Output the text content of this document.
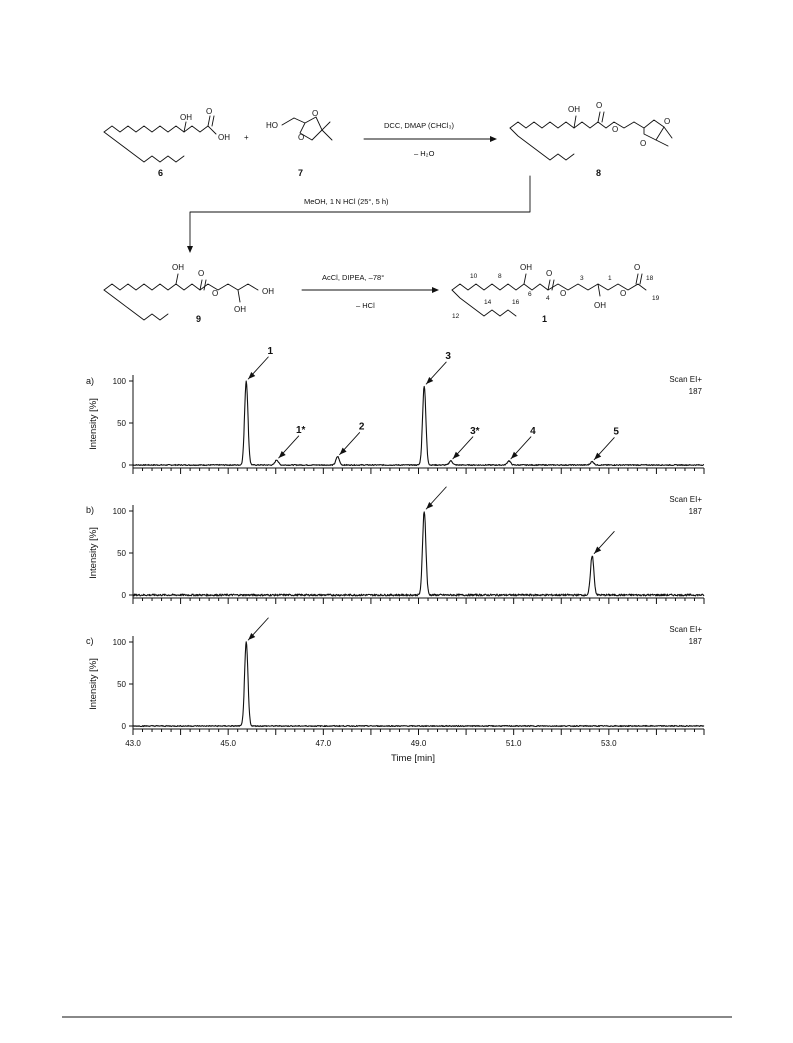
OH
O
OH
6
+
HO
O
O
7
DCC, DMAP (CHCl₃)
– H₂O
OH O
O
O
O
8
MeOH, 1 N HCl (25°, 5 h)
OH
O
O
OH
OH
9
AcCl, DIPEA, –78°
– HCl
OH
O
O
OH
O
O
10	8
6
4
3	1	18
19
12
14	16
1
a)
Intensity [%]
Scan EI+
187
0
50
100
1
1*	2
3
3*	4	5
b)
Intensity [%]
Scan EI+
187
0
50
100
c)
Intensity [%]
Scan EI+
187
0
50
100
43.0	45.0	47.0	49.0	51.0	53.0
Time [min]
